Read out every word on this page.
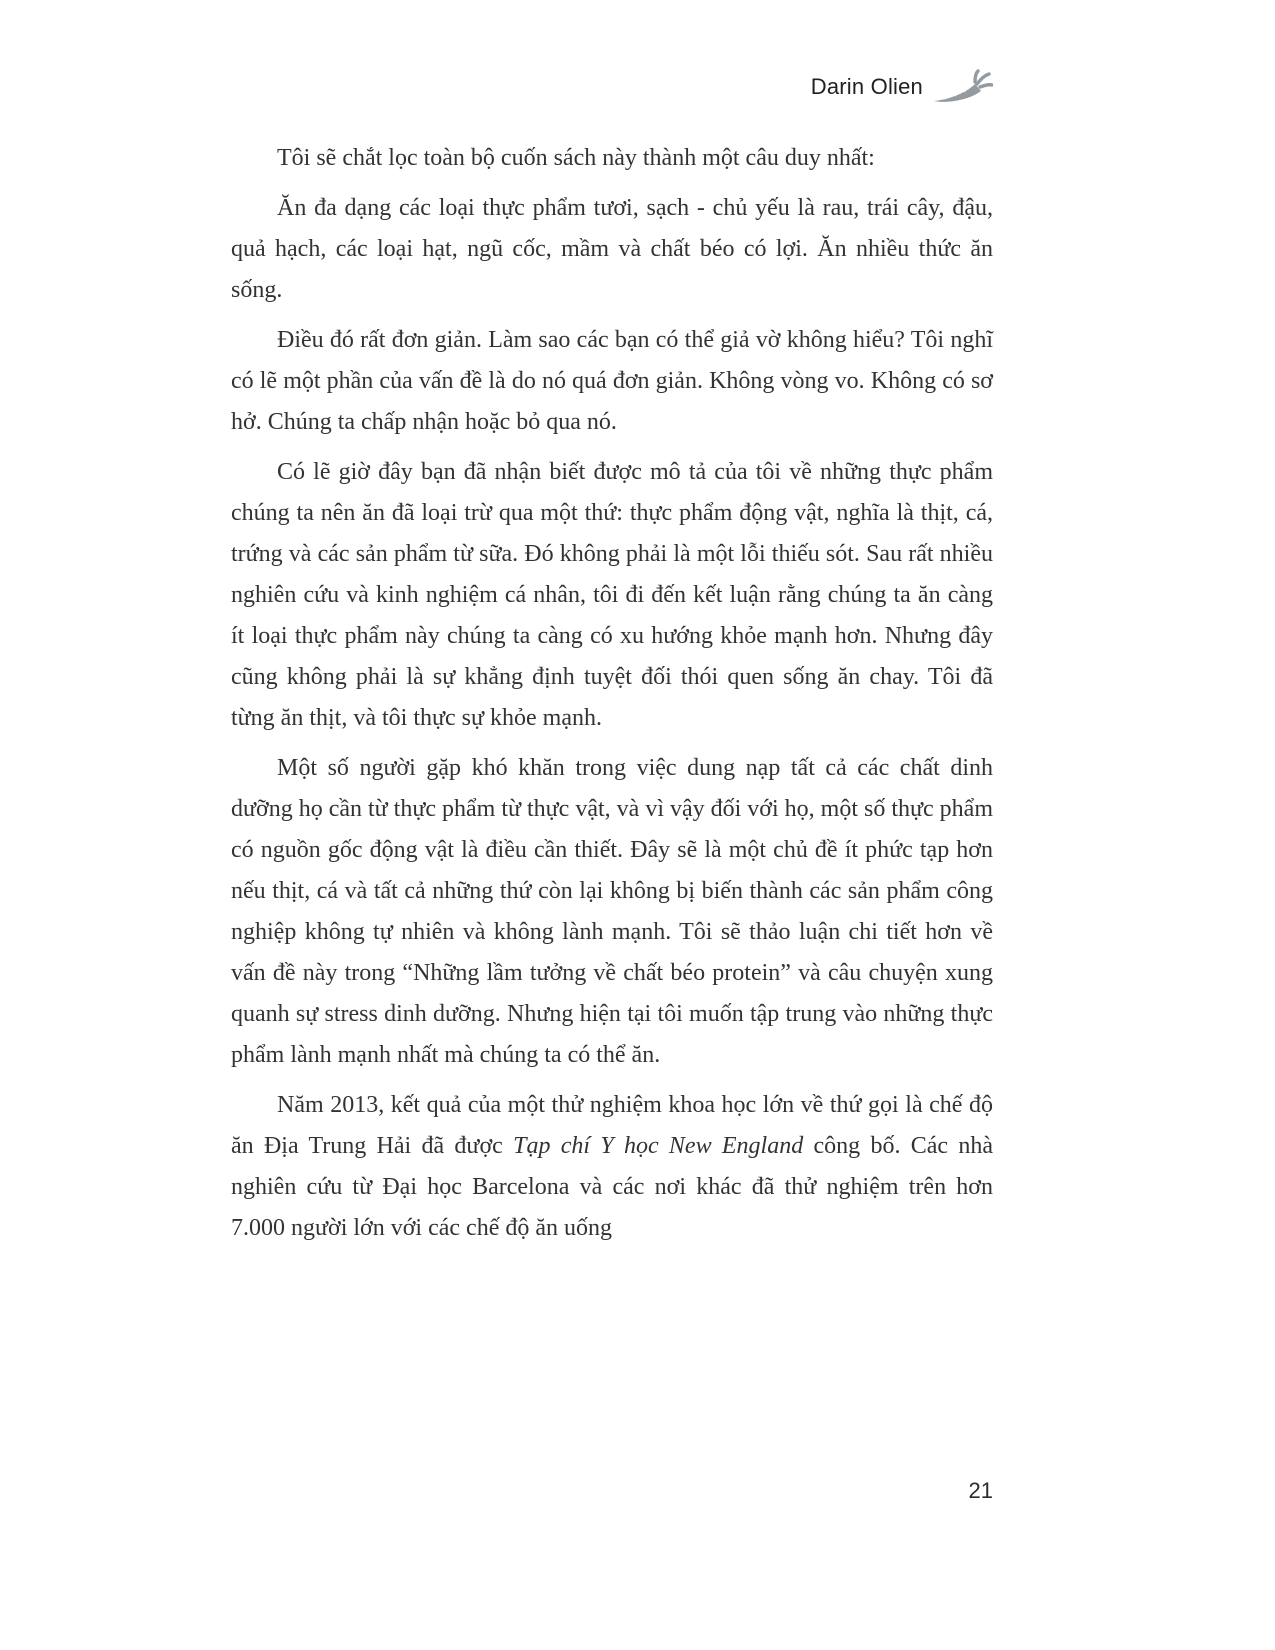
Darin Olien

Tôi sẽ chắt lọc toàn bộ cuốn sách này thành một câu duy nhất:

Ăn đa dạng các loại thực phẩm tươi, sạch - chủ yếu là rau, trái cây, đậu, quả hạch, các loại hạt, ngũ cốc, mầm và chất béo có lợi. Ăn nhiều thức ăn sống.

Điều đó rất đơn giản. Làm sao các bạn có thể giả vờ không hiểu? Tôi nghĩ có lẽ một phần của vấn đề là do nó quá đơn giản. Không vòng vo. Không có sơ hở. Chúng ta chấp nhận hoặc bỏ qua nó.

Có lẽ giờ đây bạn đã nhận biết được mô tả của tôi về những thực phẩm chúng ta nên ăn đã loại trừ qua một thứ: thực phẩm động vật, nghĩa là thịt, cá, trứng và các sản phẩm từ sữa. Đó không phải là một lỗi thiếu sót. Sau rất nhiều nghiên cứu và kinh nghiệm cá nhân, tôi đi đến kết luận rằng chúng ta ăn càng ít loại thực phẩm này chúng ta càng có xu hướng khỏe mạnh hơn. Nhưng đây cũng không phải là sự khẳng định tuyệt đối thói quen sống ăn chay. Tôi đã từng ăn thịt, và tôi thực sự khỏe mạnh.

Một số người gặp khó khăn trong việc dung nạp tất cả các chất dinh dưỡng họ cần từ thực phẩm từ thực vật, và vì vậy đối với họ, một số thực phẩm có nguồn gốc động vật là điều cần thiết. Đây sẽ là một chủ đề ít phức tạp hơn nếu thịt, cá và tất cả những thứ còn lại không bị biến thành các sản phẩm công nghiệp không tự nhiên và không lành mạnh. Tôi sẽ thảo luận chi tiết hơn về vấn đề này trong “Những lầm tưởng về chất béo protein” và câu chuyện xung quanh sự stress dinh dưỡng. Nhưng hiện tại tôi muốn tập trung vào những thực phẩm lành mạnh nhất mà chúng ta có thể ăn.

Năm 2013, kết quả của một thử nghiệm khoa học lớn về thứ gọi là chế độ ăn Địa Trung Hải đã được Tạp chí Y học New England công bố. Các nhà nghiên cứu từ Đại học Barcelona và các nơi khác đã thử nghiệm trên hơn 7.000 người lớn với các chế độ ăn uống

21
